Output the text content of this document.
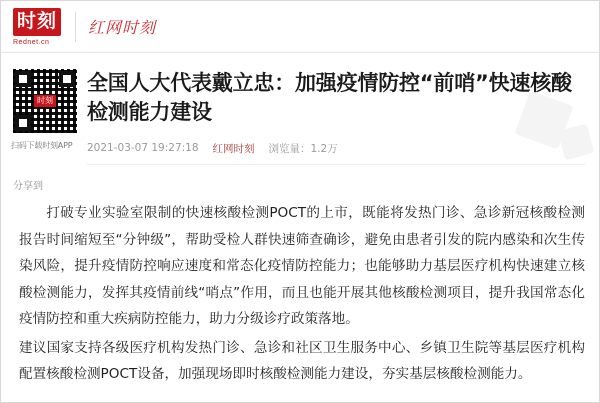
时刻
Rednet.cn
红网时刻
时刻
扫码下载时刻APP
分享到
全国人大代表戴立忠：加强疫情防控“前哨”快速核酸检测能力建设
2021-03-07 19:27:18 红网时刻 浏览量：1.2万

打破专业实验室限制的快速核酸检测POCT的上市，既能将发热门诊、急诊新冠核酸检测报告时间缩短至“分钟级”，帮助受检人群快速筛查确诊，避免由患者引发的院内感染和次生传染风险，提升疫情防控响应速度和常态化疫情防控能力；也能够助力基层医疗机构快速建立核酸检测能力，发挥其疫情前线“哨点”作用，而且也能开展其他核酸检测项目，提升我国常态化疫情防控和重大疾病防控能力，助力分级诊疗政策落地。

建议国家支持各级医疗机构发热门诊、急诊和社区卫生服务中心、乡镇卫生院等基层医疗机构配置核酸检测POCT设备，加强现场即时核酸检测能力建设，夯实基层核酸检测能力。
